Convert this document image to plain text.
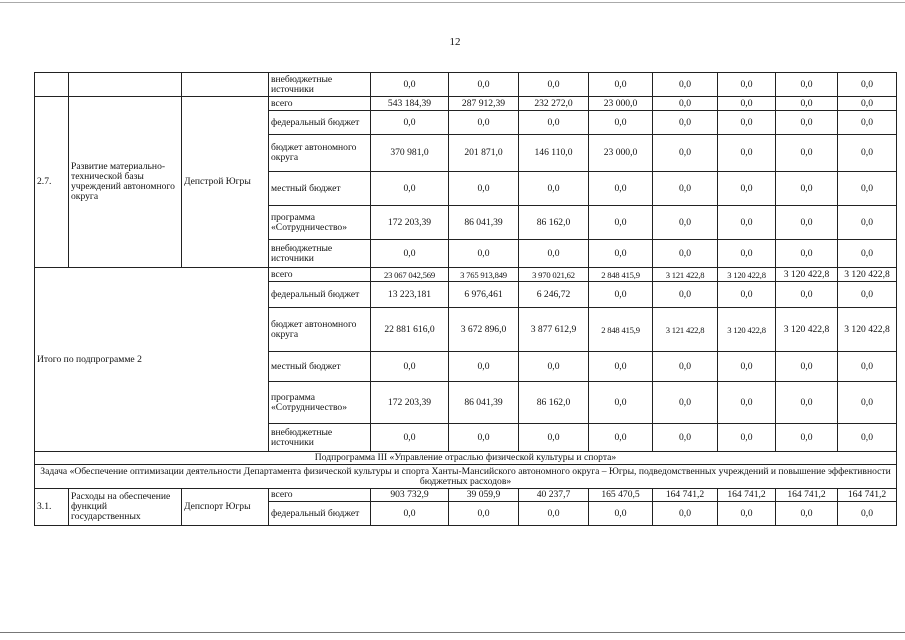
12
			внебюджетные источники	0,0	0,0	0,0	0,0	0,0	0,0	0,0	0,0
2.7.	Развитие материально-технической базы учреждений автономного округа	Депстрой Югры	всего	543 184,39	287 912,39	232 272,0	23 000,0	0,0	0,0	0,0	0,0
			федеральный бюджет	0,0	0,0	0,0	0,0	0,0	0,0	0,0	0,0
			бюджет автономного округа	370 981,0	201 871,0	146 110,0	23 000,0	0,0	0,0	0,0	0,0
			местный бюджет	0,0	0,0	0,0	0,0	0,0	0,0	0,0	0,0
			программа «Сотрудничество»	172 203,39	86 041,39	86 162,0	0,0	0,0	0,0	0,0	0,0
			внебюджетные источники	0,0	0,0	0,0	0,0	0,0	0,0	0,0	0,0
Итого по подпрограмме 2			всего	23 067 042,569	3 765 913,849	3 970 021,62	2 848 415,9	3 121 422,8	3 120 422,8	3 120 422,8	3 120 422,8
			федеральный бюджет	13 223,181	6 976,461	6 246,72	0,0	0,0	0,0	0,0	0,0
			бюджет автономного округа	22 881 616,0	3 672 896,0	3 877 612,9	2 848 415,9	3 121 422,8	3 120 422,8	3 120 422,8	3 120 422,8
			местный бюджет	0,0	0,0	0,0	0,0	0,0	0,0	0,0	0,0
			программа «Сотрудничество»	172 203,39	86 041,39	86 162,0	0,0	0,0	0,0	0,0	0,0
			внебюджетные источники	0,0	0,0	0,0	0,0	0,0	0,0	0,0	0,0
Подпрограмма III «Управление отраслью физической культуры и спорта»											
Задача «Обеспечение оптимизации деятельности Департамента физической культуры и спорта Ханты-Мансийского автономного округа – Югры, подведомственных учреждений и повышение эффективности бюджетных расходов»											
3.1.	Расходы на обеспечение функций государственных	Депспорт Югры	всего	903 732,9	39 059,9	40 237,7	165 470,5	164 741,2	164 741,2	164 741,2	164 741,2
			федеральный бюджет	0,0	0,0	0,0	0,0	0,0	0,0	0,0	0,0
